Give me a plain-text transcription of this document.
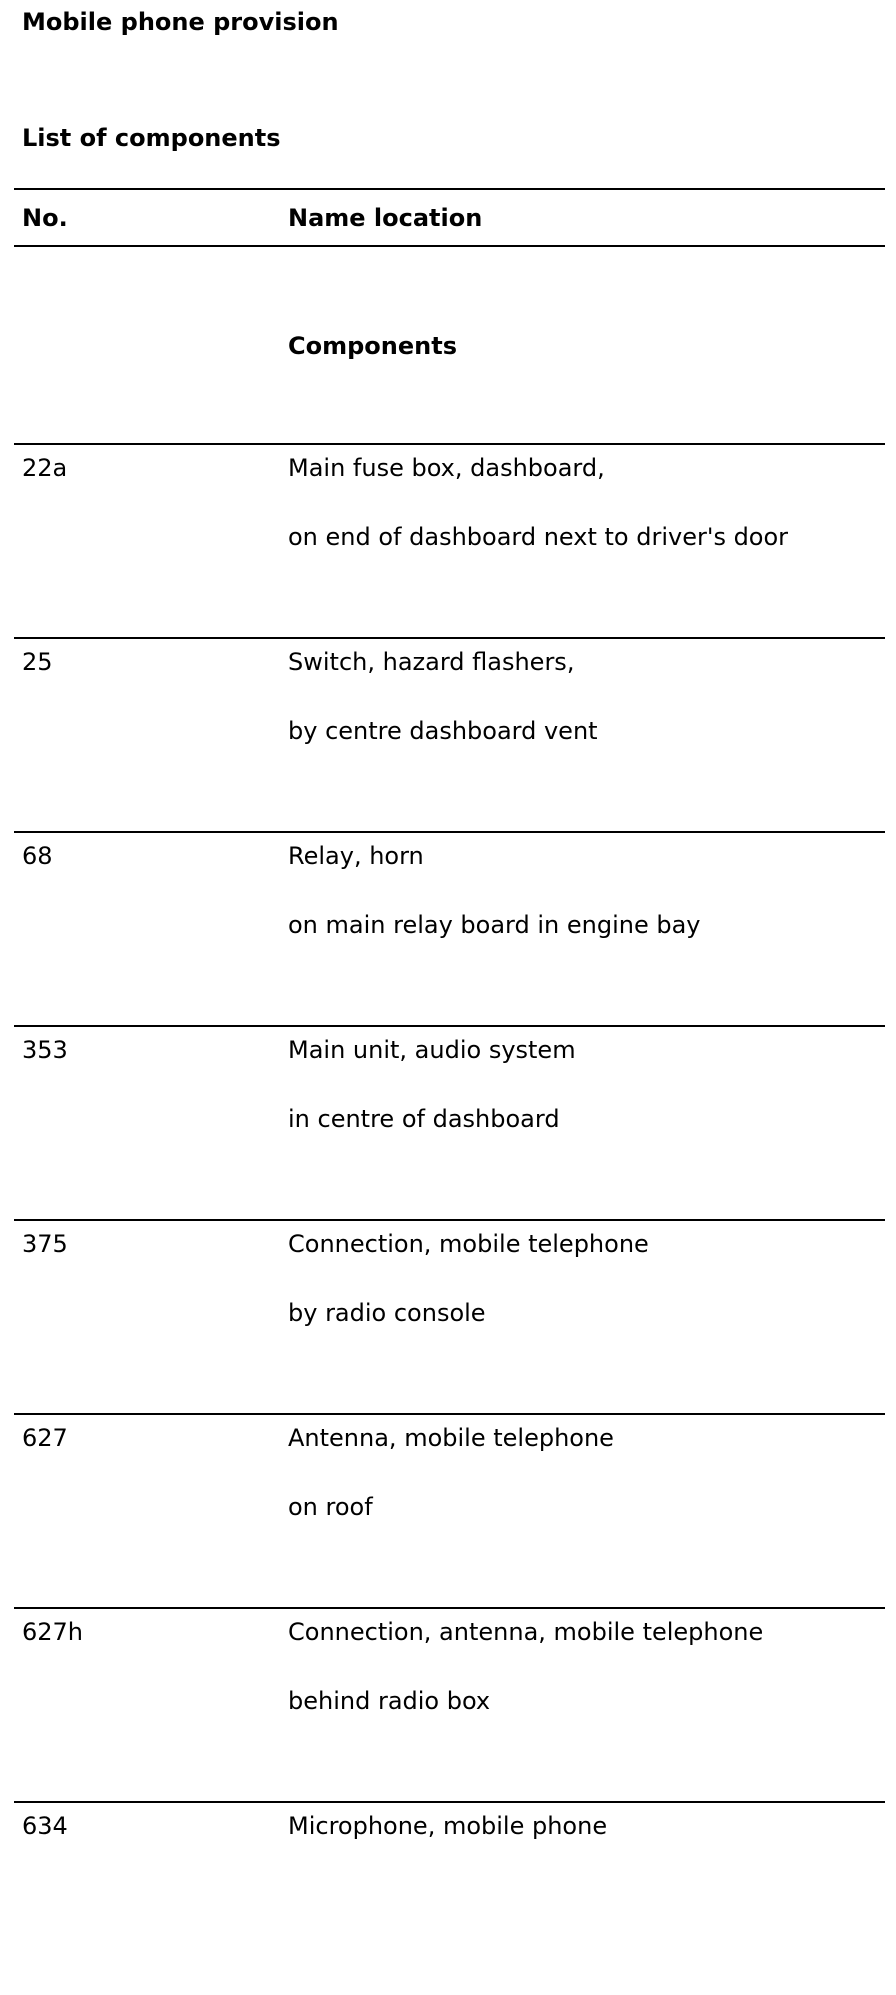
Mobile phone provision
List of components
No.	Name location
Components
22a	Main fuse box, dashboard,
on end of dashboard next to driver's door
25	Switch, hazard flashers,
by centre dashboard vent
68	Relay, horn
on main relay board in engine bay
353	Main unit, audio system
in centre of dashboard
375	Connection, mobile telephone
by radio console
627	Antenna, mobile telephone
on roof
627h	Connection, antenna, mobile telephone
behind radio box
634	Microphone, mobile phone
